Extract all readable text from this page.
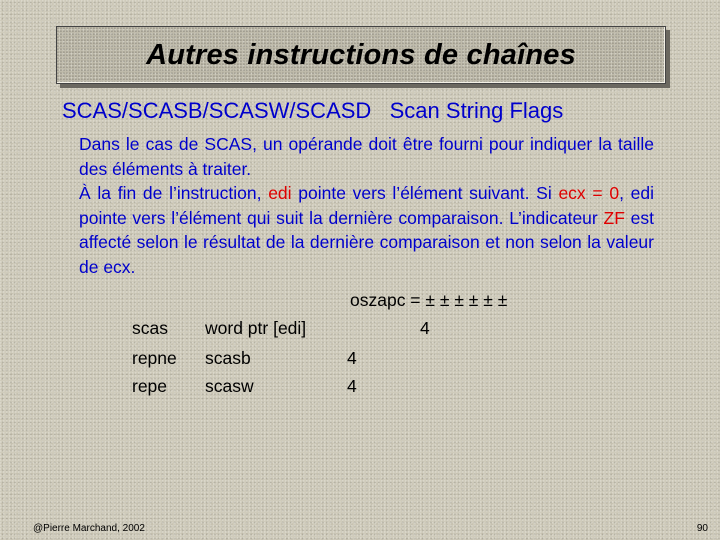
Autres instructions de chaînes
SCAS/SCASB/SCASW/SCASD   Scan String Flags

Dans le cas de SCAS, un opérande doit être fourni pour indiquer la taille des éléments à traiter.

À la fin de l’instruction, edi pointe vers l’élément suivant. Si ecx = 0, edi pointe vers l’élément qui suit la dernière comparaison. L’indicateur ZF est affecté selon le résultat de la dernière comparaison et non selon la valeur de ecx.

oszapc = ± ± ± ± ± ±
scas word ptr [edi]	4
repne scasb	4
repe scasw	4
@Pierre Marchand, 2002	90
